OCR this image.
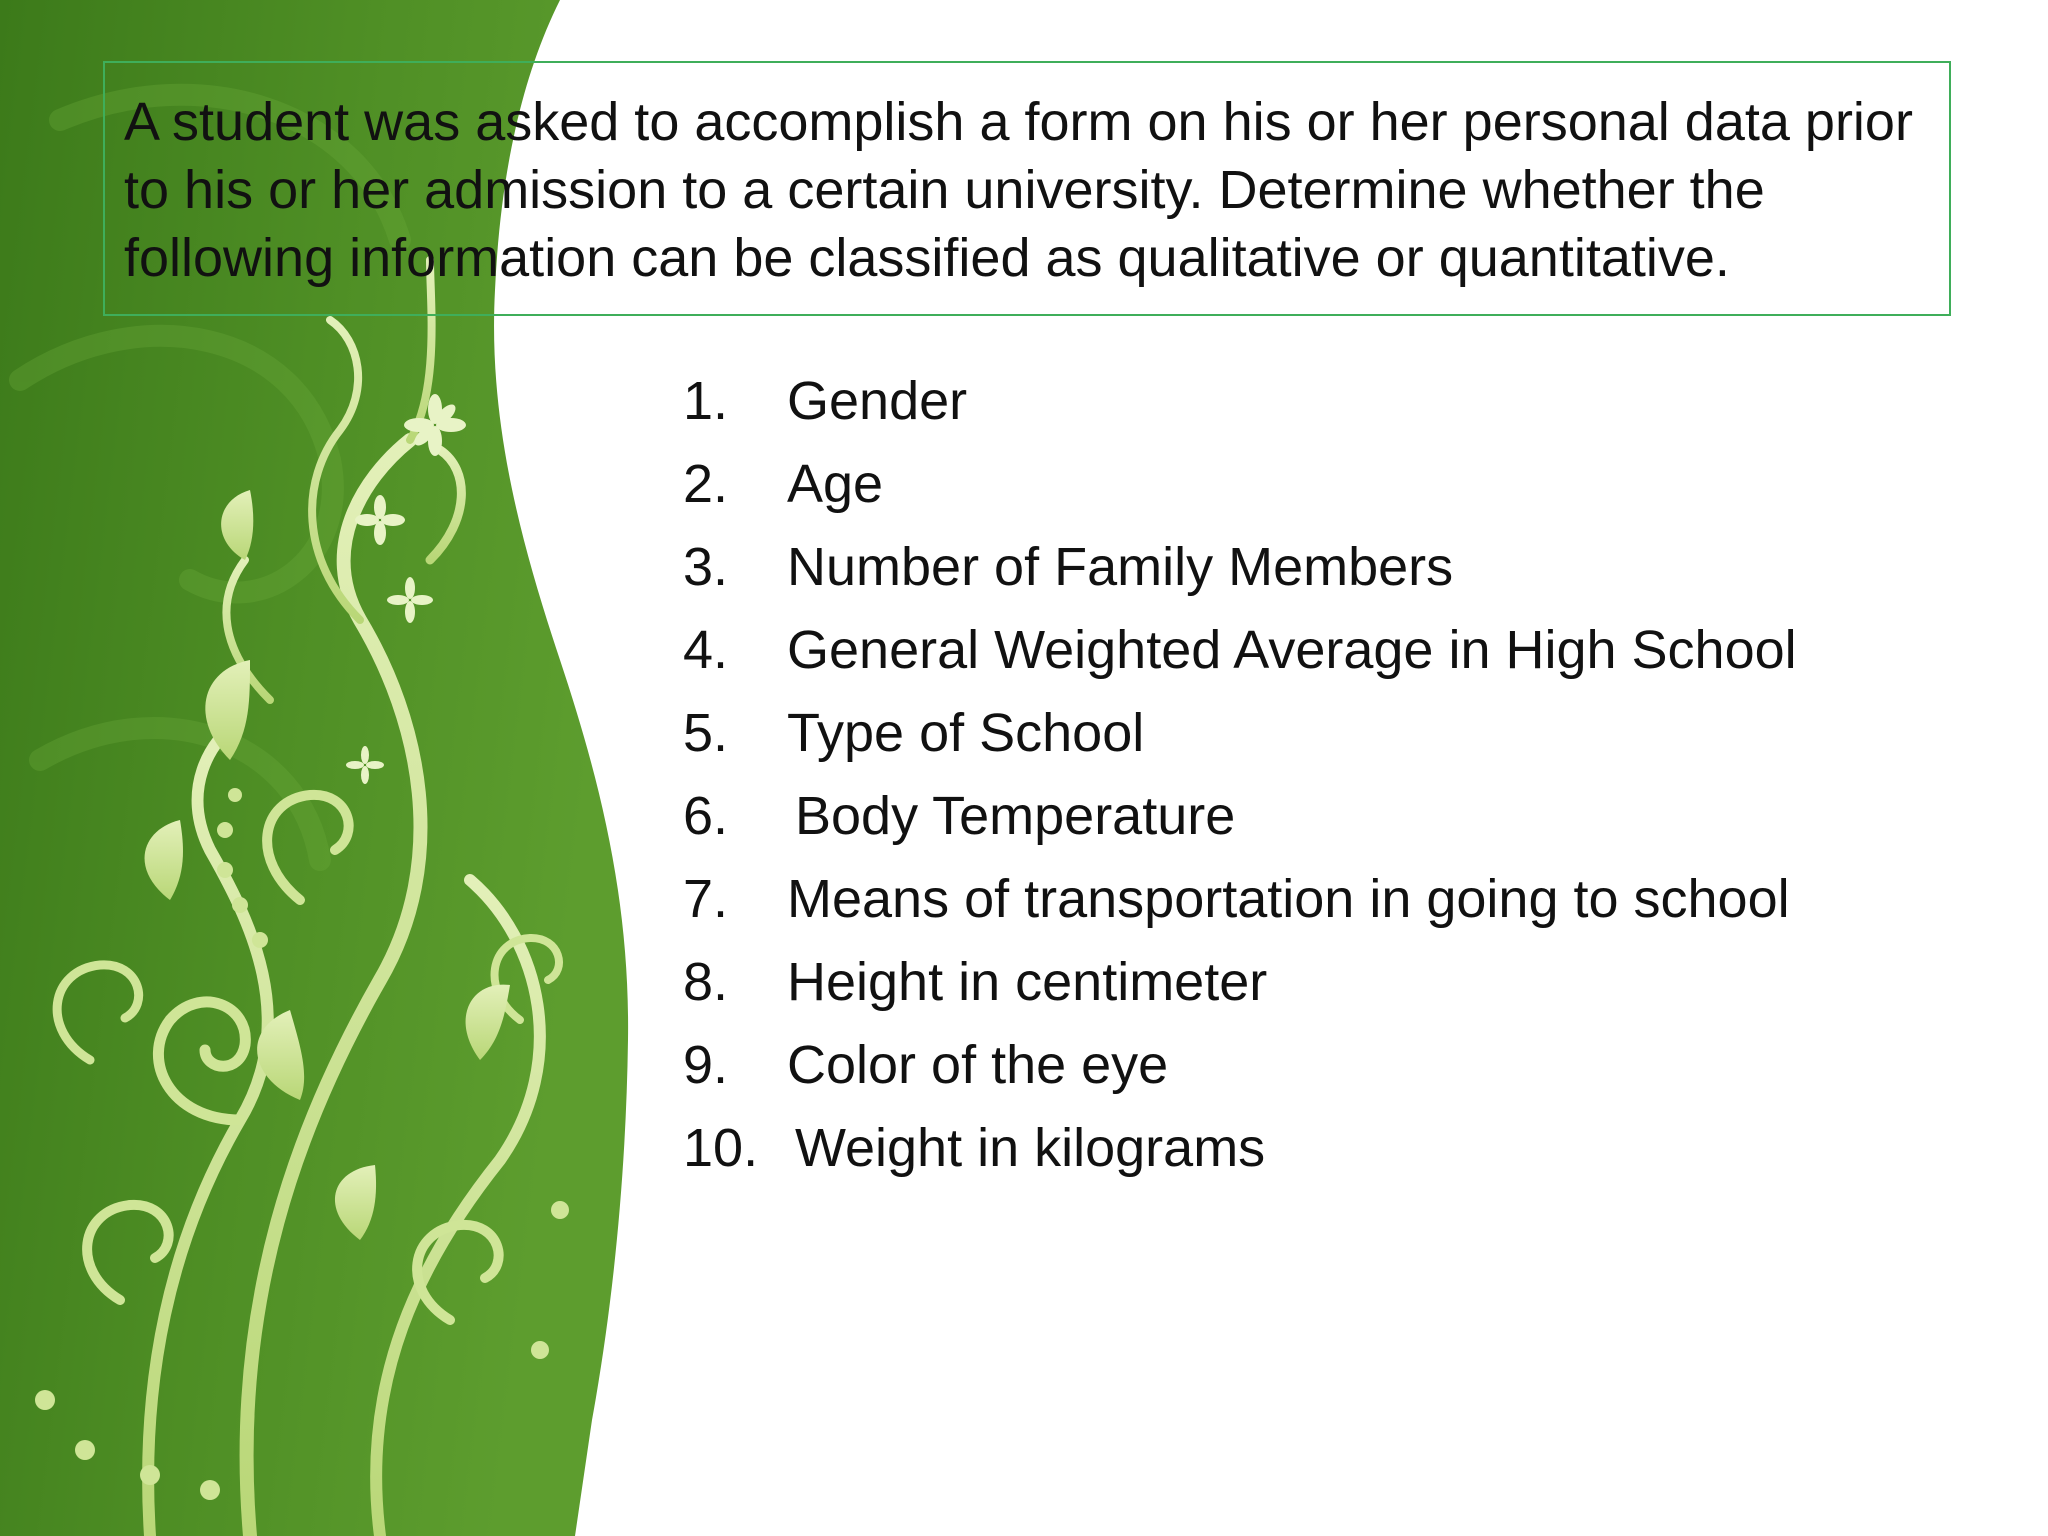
A student was asked to accomplish a form on his or her personal data prior to his or her admission to a certain university. Determine whether the following information can be classified as qualitative or quantitative.

1.	Gender
2.	Age
3.	Number of Family Members
4.	General Weighted Average in High School
5.	Type of School
6.	Body Temperature
7.	Means of transportation in going to school
8.	Height in centimeter
9.	Color of the eye
10. Weight in kilograms
